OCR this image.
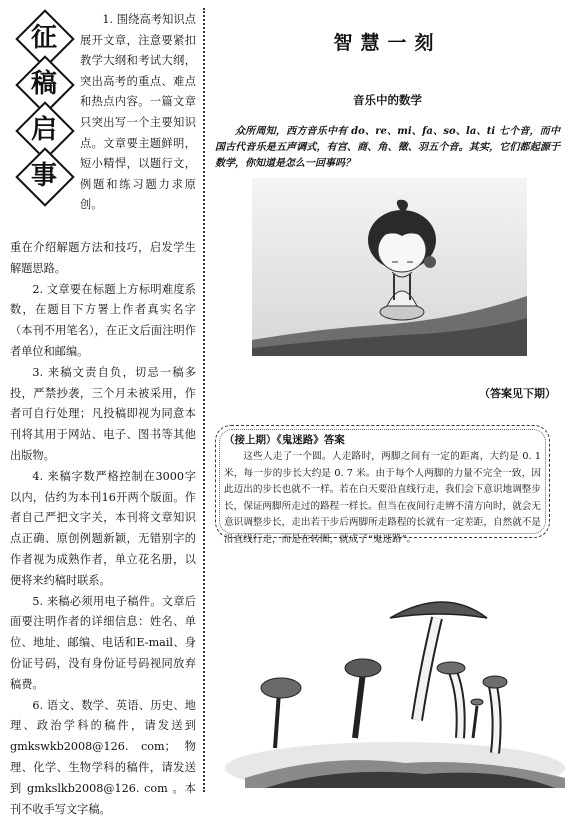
征
稿
启
事

1. 围绕高考知识点展开文章，注意要紧扣教学大纲和考试大纲，突出高考的重点、难点和热点内容。一篇文章只突出写一个主要知识点。文章要主题鲜明，短小精悍，以题行文，例题和练习题力求原创。

重在介绍解题方法和技巧，启发学生解题思路。

2. 文章要在标题上方标明难度系数，在题目下方署上作者真实名字（本刊不用笔名），在正文后面注明作者单位和邮编。

3. 来稿文责自负，切忌一稿多投，严禁抄袭，三个月未被采用，作者可自行处理；凡投稿即视为同意本刊将其用于网站、电子、图书等其他出版物。

4. 来稿字数严格控制在3000字以内，估约为本刊16开两个版面。作者自己严把文字关，本刊将文章知识点正确、原创例题新颖，无错别字的作者视为成熟作者，单立花名册，以便将来约稿时联系。

5. 来稿必须用电子稿件。文章后面要注明作者的详细信息：姓名、单位、地址、邮编、电话和E-mail、身份证号码，没有身份证号码视同放弃稿费。

6. 语文、数学、英语、历史、地理、政治学科的稿件，请发送到 gmkswkb2008@126. com；物理、化学、生物学科的稿件，请发送到 gmkslkb2008@126. com 。本刊不收手写文字稿。

智慧一刻
音乐中的数学

众所周知，西方音乐中有 do、re、mi、fa、so、la、ti 七个音，而中国古代音乐是五声调式，有宫、商、角、徵、羽五个音。其实，它们都起源于数学，你知道是怎么一回事吗？

（答案见下期）

（接上期）《鬼迷路》答案

这些人走了一个圆。人走路时，两脚之间有一定的距离，大约是 0. 1 米，每一步的步长大约是 0. 7 米。由于每个人两脚的力量不完全一致，因此迈出的步长也就不一样。若在白天要沿直线行走，我们会下意识地调整步长，保证两脚所走过的路程一样长。但当在夜间行走辨不清方向时，就会无意识调整步长，走出若干步后两脚所走路程的长就有一定差距，自然就不是沿直线行走，而是在转圈，就成了“鬼迷路”。
